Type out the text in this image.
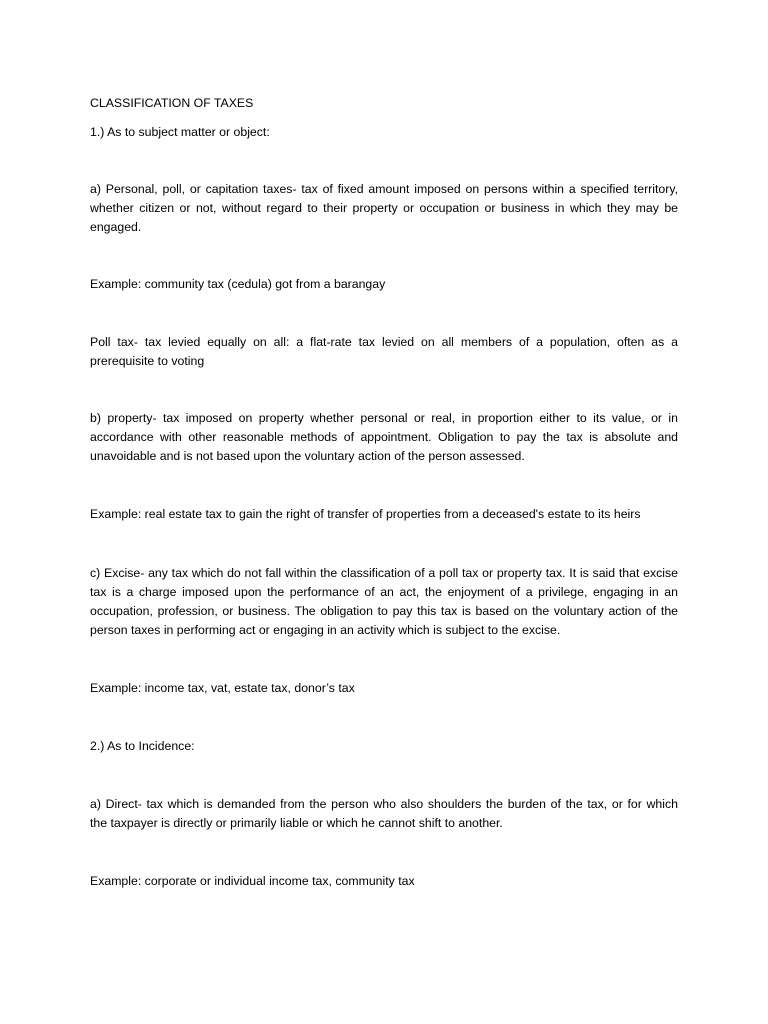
CLASSIFICATION OF TAXES

1.) As to subject matter or object:

a) Personal, poll, or capitation taxes- tax of fixed amount imposed on persons within a specified territory,

whether citizen or not, without regard to their property or occupation or business in which they may be

engaged.

Example: community tax (cedula) got from a barangay

Poll tax- tax levied equally on all: a flat-rate tax levied on all members of a population, often as a

prerequisite to voting

b) property- tax imposed on property whether personal or real, in proportion either to its value, or in

accordance with other reasonable methods of appointment. Obligation to pay the tax is absolute and

unavoidable and is not based upon the voluntary action of the person assessed.

Example: real estate tax to gain the right of transfer of properties from a deceased's estate to its heirs

c) Excise- any tax which do not fall within the classification of a poll tax or property tax. It is said that excise

tax is a charge imposed upon the performance of an act, the enjoyment of a privilege, engaging in an

occupation, profession, or business. The obligation to pay this tax is based on the voluntary action of the

person taxes in performing act or engaging in an activity which is subject to the excise.

Example: income tax, vat, estate tax, donor’s tax

2.) As to Incidence:

a) Direct- tax which is demanded from the person who also shoulders the burden of the tax, or for which

the taxpayer is directly or primarily liable or which he cannot shift to another.

Example: corporate or individual income tax, community tax
